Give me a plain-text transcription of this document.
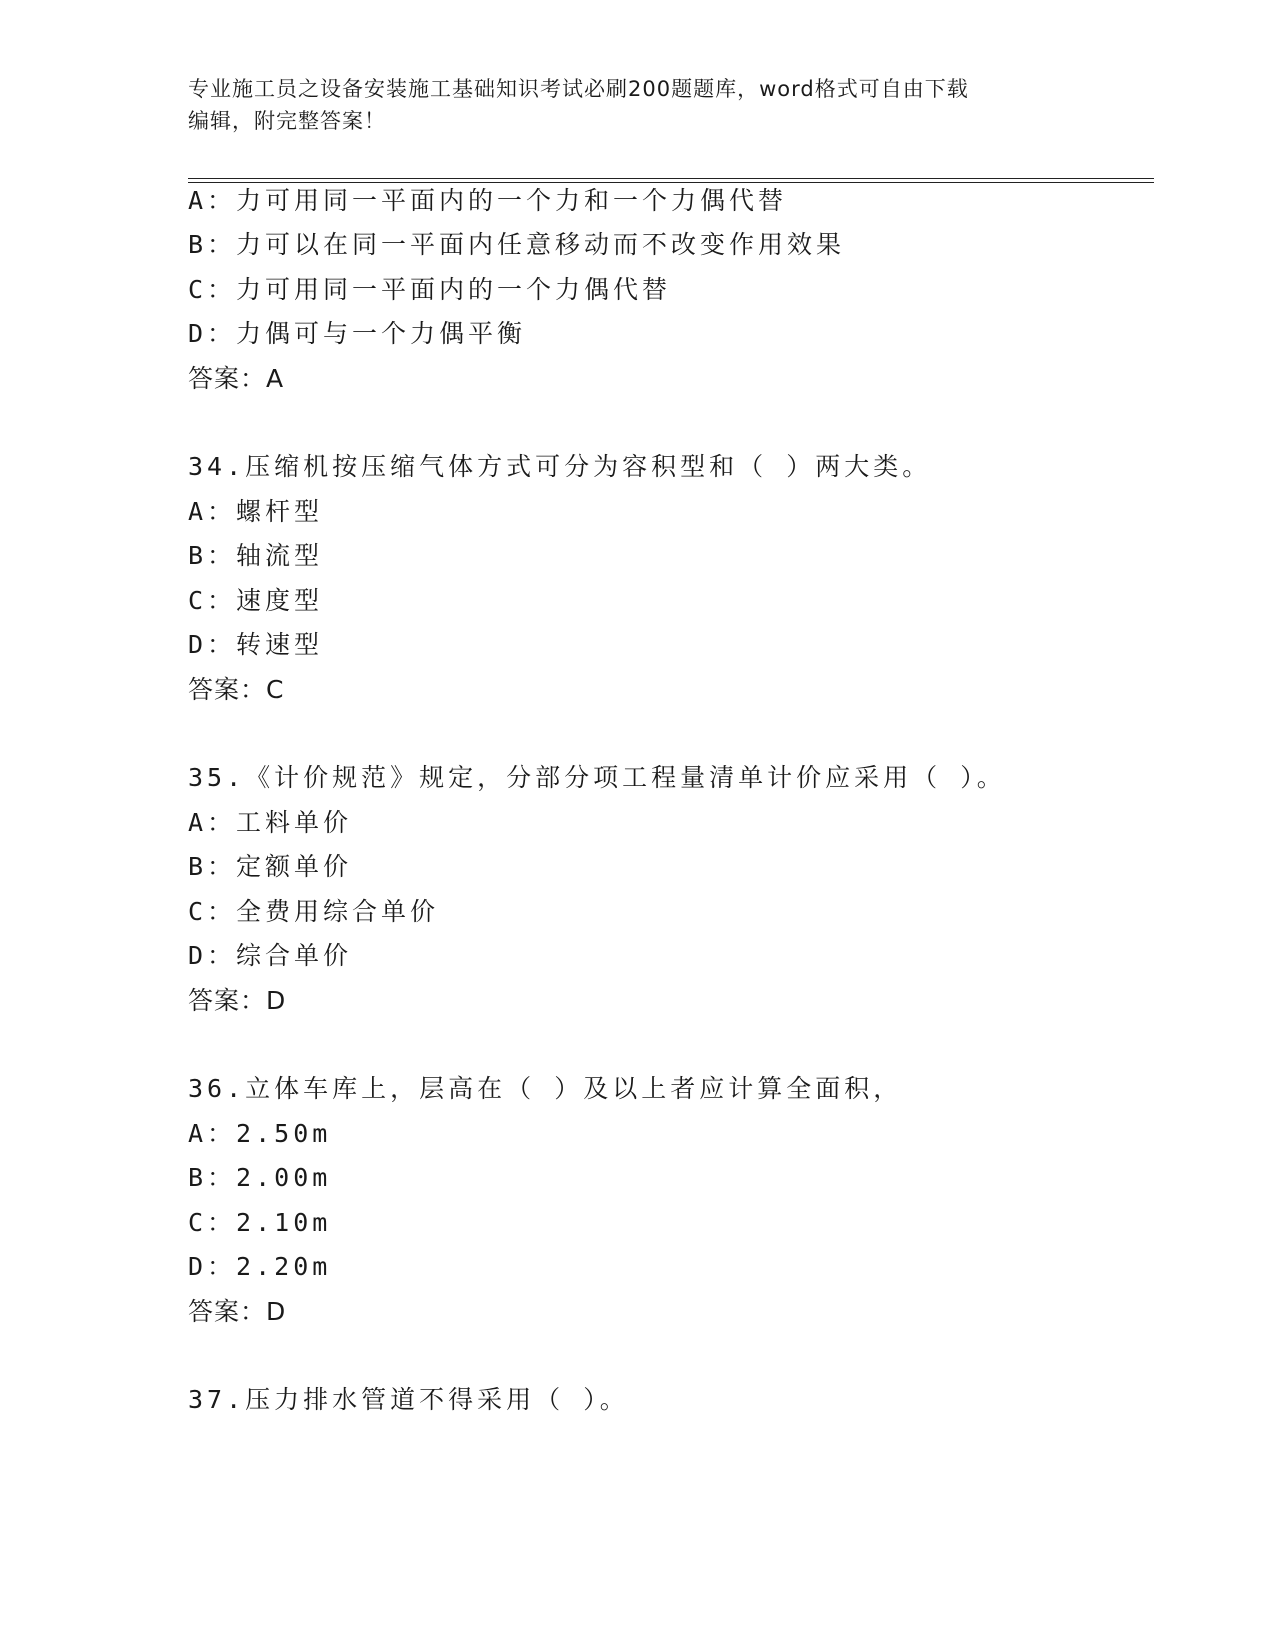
专业施工员之设备安装施工基础知识考试必刷200题题库，word格式可自由下载
编辑，附完整答案！
A：力可用同一平面内的一个力和一个力偶代替
B：力可以在同一平面内任意移动而不改变作用效果
C：力可用同一平面内的一个力偶代替
D：力偶可与一个力偶平衡
答案：A
34.压缩机按压缩气体方式可分为容积型和（ ）两大类。
A：螺杆型
B：轴流型
C：速度型
D：转速型
答案：C
35.《计价规范》规定，分部分项工程量清单计价应采用（ ）。
A：工料单价
B：定额单价
C：全费用综合单价
D：综合单价
答案：D
36.立体车库上，层高在（ ）及以上者应计算全面积，
A：2.50m
B：2.00m
C：2.10m
D：2.20m
答案：D
37.压力排水管道不得采用（ ）。
